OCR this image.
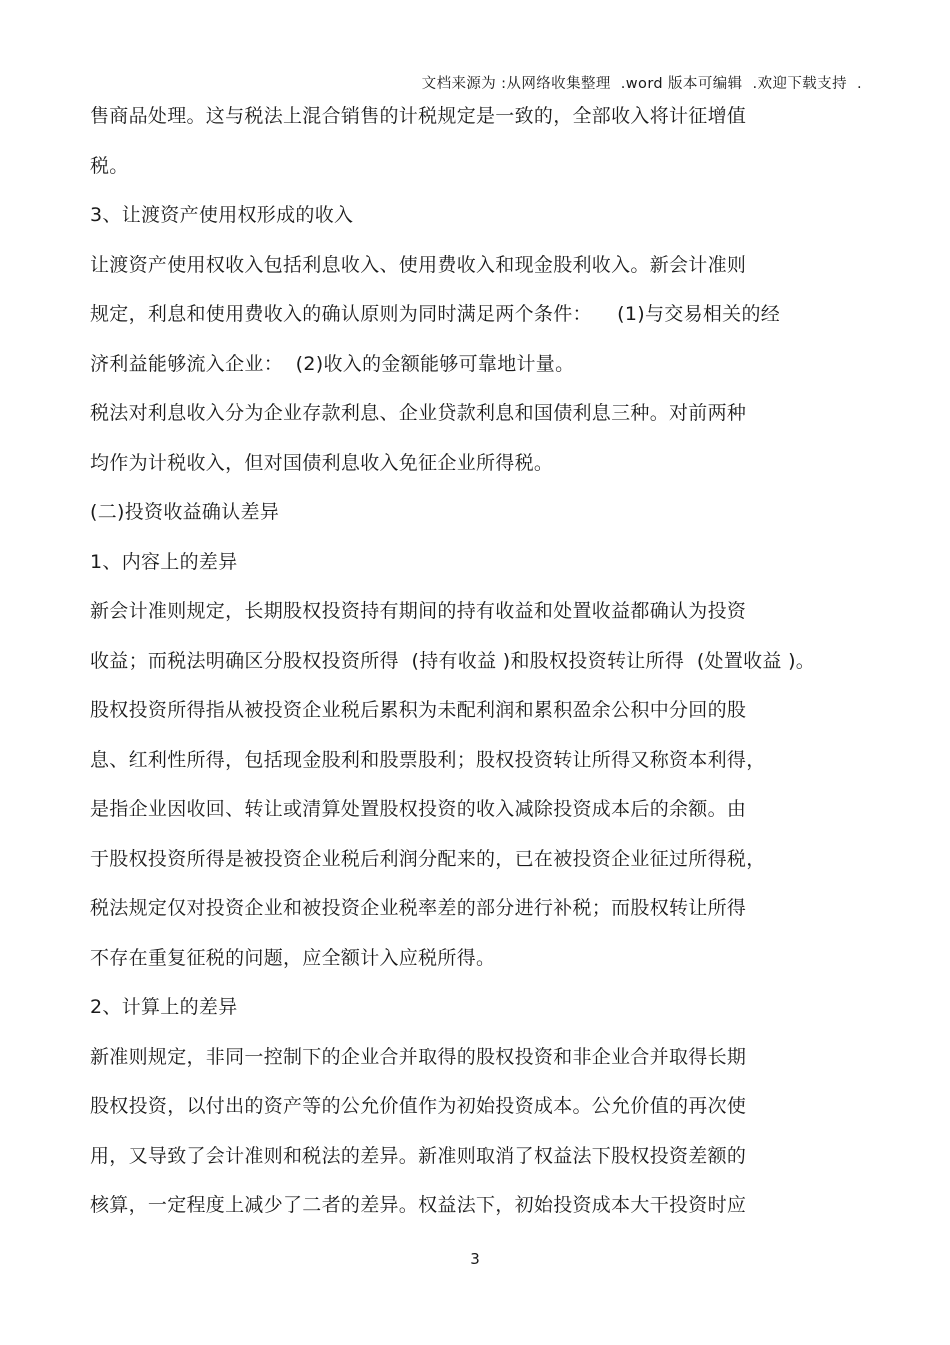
文档来源为 :从网络收集整理  .word 版本可编辑  .欢迎下载支持  .
售商品处理。这与税法上混合销售的计税规定是一致的，全部收入将计征增值
税。
3、让渡资产使用权形成的收入
让渡资产使用权收入包括利息收入、使用费收入和现金股利收入。新会计准则
规定，利息和使用费收入的确认原则为同时满足两个条件：    (1)与交易相关的经
济利益能够流入企业：  (2)收入的金额能够可靠地计量。
税法对利息收入分为企业存款利息、企业贷款利息和国债利息三种。对前两种
均作为计税收入，但对国债利息收入免征企业所得税。
(二)投资收益确认差异
1、内容上的差异
新会计准则规定，长期股权投资持有期间的持有收益和处置收益都确认为投资
收益；而税法明确区分股权投资所得  (持有收益 )和股权投资转让所得  (处置收益 )。
股权投资所得指从被投资企业税后累积为未配利润和累积盈余公积中分回的股
息、红利性所得，包括现金股利和股票股利；股权投资转让所得又称资本利得，
是指企业因收回、转让或清算处置股权投资的收入减除投资成本后的余额。由
于股权投资所得是被投资企业税后利润分配来的，已在被投资企业征过所得税，
税法规定仅对投资企业和被投资企业税率差的部分进行补税；而股权转让所得
不存在重复征税的问题，应全额计入应税所得。
2、计算上的差异
新准则规定，非同一控制下的企业合并取得的股权投资和非企业合并取得长期
股权投资，以付出的资产等的公允价值作为初始投资成本。公允价值的再次使
用，又导致了会计准则和税法的差异。新准则取消了权益法下股权投资差额的
核算，一定程度上减少了二者的差异。权益法下，初始投资成本大干投资时应
3
